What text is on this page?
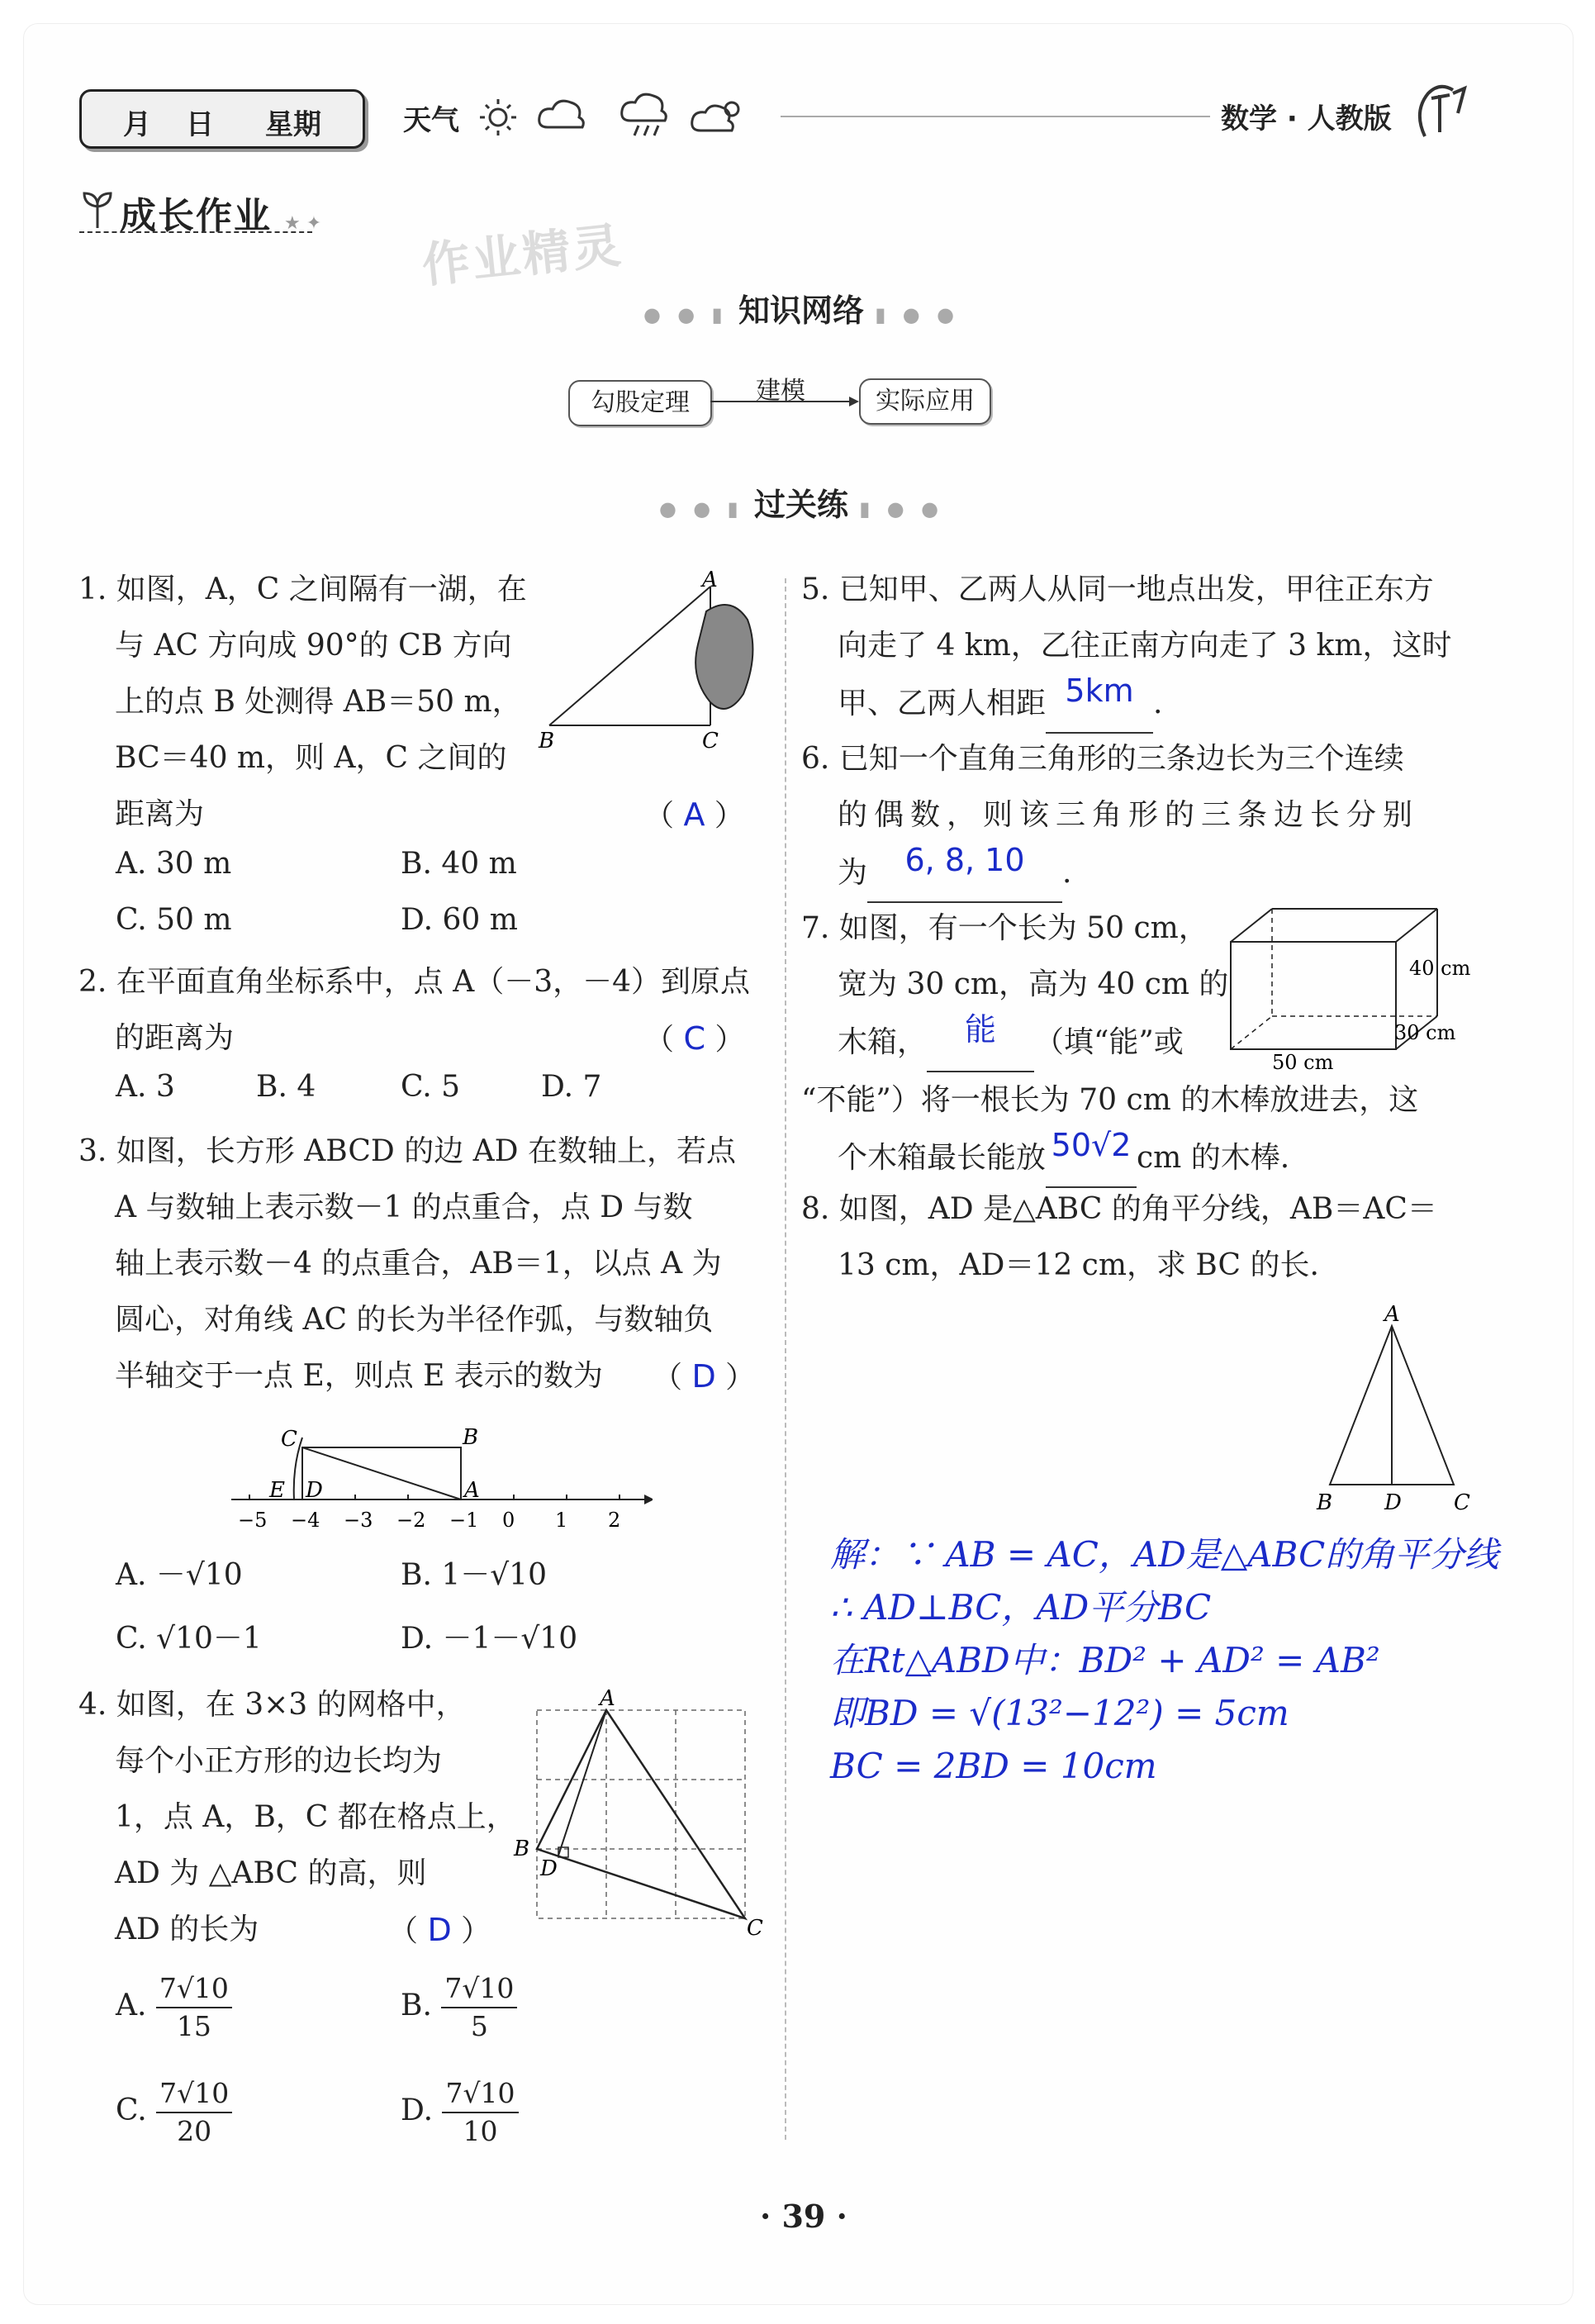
月 日 星期	天气	数学 · 人教版
成长作业 ★ ✦ 作业精灵
● ● ▮ 知识网络 ▮ ● ●
勾股定理	建模	实际应用
● ● ▮ 过关练 ▮ ● ●

1. 如图，A，C 之间隔有一湖，在

与 AC 方向成 90°的 CB 方向

上的点 B 处测得 AB＝50 m，

BC＝40 m，则 A，C 之间的

距离为	（ A ）
A
B	C
A. 30 m	B. 40 m
C. 50 m	D. 60 m

2. 在平面直角坐标系中，点 A（－3，－4）到原点

的距离为	（ C ）
A. 3	B. 4	C. 5	D. 7

3. 如图，长方形 ABCD 的边 AD 在数轴上，若点

A 与数轴上表示数－1 的点重合，点 D 与数

轴上表示数－4 的点重合，AB＝1，以点 A 为

圆心，对角线 AC 的长为半径作弧，与数轴负

半轴交于一点 E，则点 E 表示的数为	（ D ）
−5 −4 −3 −2 −1 0 1 2
C	B
E D	A
A. －√10	B. 1－√10
C. √10－1	D. －1－√10

4. 如图，在 3×3 的网格中，

每个小正方形的边长均为

1，点 A，B，C 都在格点上，

AD 为 △ABC 的高，则

AD 的长为	（ D ）
A
B
D
C
A. $\frac{7√10}{15}$	B. $\frac{7√10}{5}$
C. $\frac{7√10}{20}$	D. $\frac{7√10}{10}$

5. 已知甲、乙两人从同一地点出发，甲往正东方

向走了 4 km，乙往正南方向走了 3 km，这时

甲、乙两人相距 5km .

6. 已知一个直角三角形的三条边长为三个连续

的偶数，则该三角形的三条边长分别

为 6, 8, 10 .

7. 如图，有一个长为 50 cm，

宽为 30 cm，高为 40 cm 的

木箱， 能 （填“能”或

“不能”）将一根长为 70 cm 的木棒放进去，这

个木箱最长能放 50√2 cm 的木棒.

40 cm
30 cm
50 cm

8. 如图，AD 是△ABC 的角平分线，AB＝AC＝

13 cm，AD＝12 cm，求 BC 的长.

A
B D C
解：∵ AB = AC，AD是△ABC的角平分线
∴ AD⊥BC，AD平分BC
在Rt△ABD中：BD² + AD² = AB²
即BD = √(13²−12²) = 5cm
BC = 2BD = 10cm
· 39 ·
